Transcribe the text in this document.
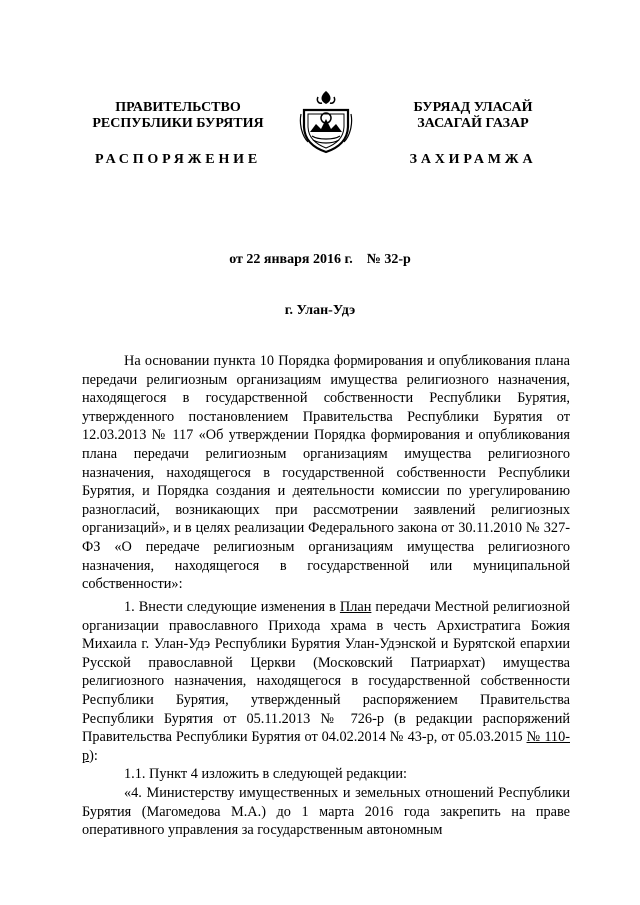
ПРАВИТЕЛЬСТВО
РЕСПУБЛИКИ БУРЯТИЯ
РАСПОРЯЖЕНИЕ
БУРЯАД УЛАСАЙ
ЗАСАГАЙ ГАЗАР
ЗАХИРАМЖА
от 22 января 2016 г. № 32-р
г. Улан-Удэ
На основании пункта 10 Порядка формирования и опубликования плана передачи религиозным организациям имущества религиозного назначения, находящегося в государственной собственности Республики Бурятия, утвержденного постановлением Правительства Республики Бурятия от 12.03.2013 № 117 «Об утверждении Порядка формирования и опубликования плана передачи религиозным организациям имущества религиозного назначения, находящегося в государственной собственности Республики Бурятия, и Порядка создания и деятельности комиссии по урегулированию разногласий, возникающих при рассмотрении заявлений религиозных организаций», и в целях реализации Федерального закона от 30.11.2010 № 327-ФЗ «О передаче религиозным организациям имущества религиозного назначения, находящегося в государственной или муниципальной собственности»:

1. Внести следующие изменения в План передачи Местной религиозной организации православного Прихода храма в честь Архистратига Божия Михаила г. Улан-Удэ Республики Бурятия Улан-Удэнской и Бурятской епархии Русской православной Церкви (Московский Патриархат) имущества религиозного назначения, находящегося в государственной собственности Республики Бурятия, утвержденный распоряжением Правительства Республики Бурятия от 05.11.2013 № 726-р (в редакции распоряжений Правительства Республики Бурятия от 04.02.2014 № 43-р, от 05.03.2015 № 110-р):

1.1. Пункт 4 изложить в следующей редакции:

«4. Министерству имущественных и земельных отношений Республики Бурятия (Магомедова М.А.) до 1 марта 2016 года закрепить на праве оперативного управления за государственным автономным
